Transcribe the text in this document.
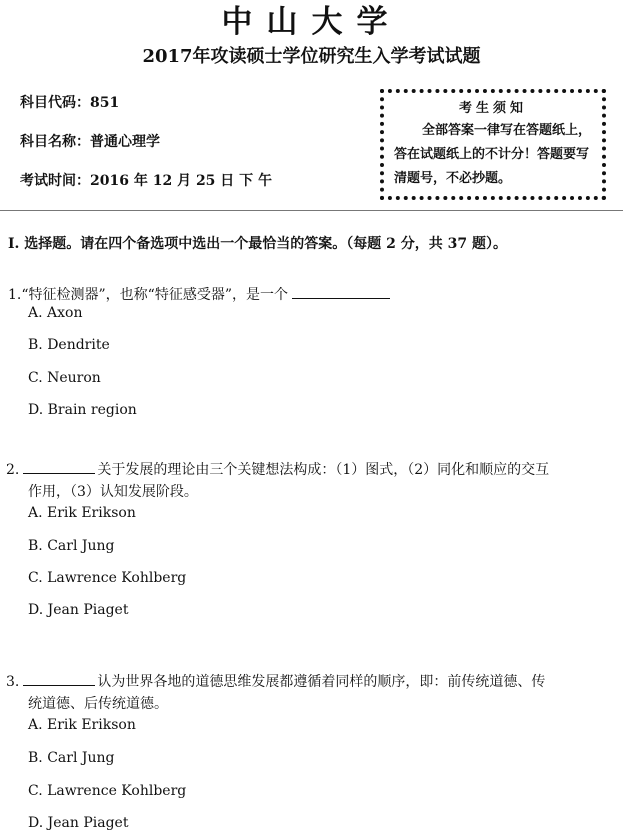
中山大学
2017年攻读硕士学位研究生入学考试试题
科目代码：851
科目名称：普通心理学
考试时间：2016 年 12 月 25 日 下 午
考生须知
全部答案一律写在答题纸上，答在试题纸上的不计分！答题要写清题号，不必抄题。
I. 选择题。请在四个备选项中选出一个最恰当的答案。（每题 2 分，共 37 题）。
1.“特征检测器”，也称“特征感受器”，是一个
A. Axon
B. Dendrite
C. Neuron
D. Brain region
2.	关于发展的理论由三个关键想法构成：（1）图式，（2）同化和顺应的交互
作用，（3）认知发展阶段。
A. Erik Erikson
B. Carl Jung
C. Lawrence Kohlberg
D. Jean Piaget
3.	认为世界各地的道德思维发展都遵循着同样的顺序，即：前传统道德、传
统道德、后传统道德。
A. Erik Erikson
B. Carl Jung
C. Lawrence Kohlberg
D. Jean Piaget
